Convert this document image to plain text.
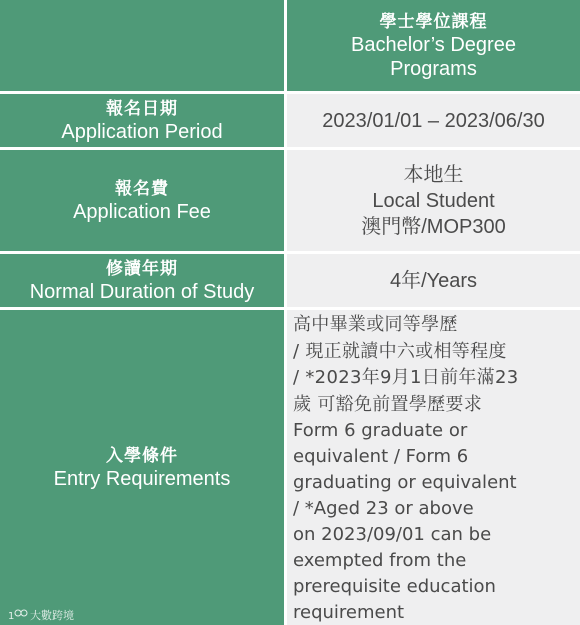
學士學位課程
Bachelor’s Degree
Programs
報名日期
Application Period	2023/01/01 – 2023/06/30
報名費
Application Fee
本地生
Local Student
澳門幣/MOP300
修讀年期
Normal Duration of Study	4年/Years
入學條件
Entry Requirements
高中畢業或同等學歷
/ 現正就讀中六或相等程度
/ *2023年9月1日前年滿23
歲 可豁免前置學歷要求
Form 6 graduate or
equivalent / Form 6
graduating or equivalent
/ *Aged 23 or above
on 2023/09/01 can be
exempted from the
prerequisite education
requirement
1 大數跨境
